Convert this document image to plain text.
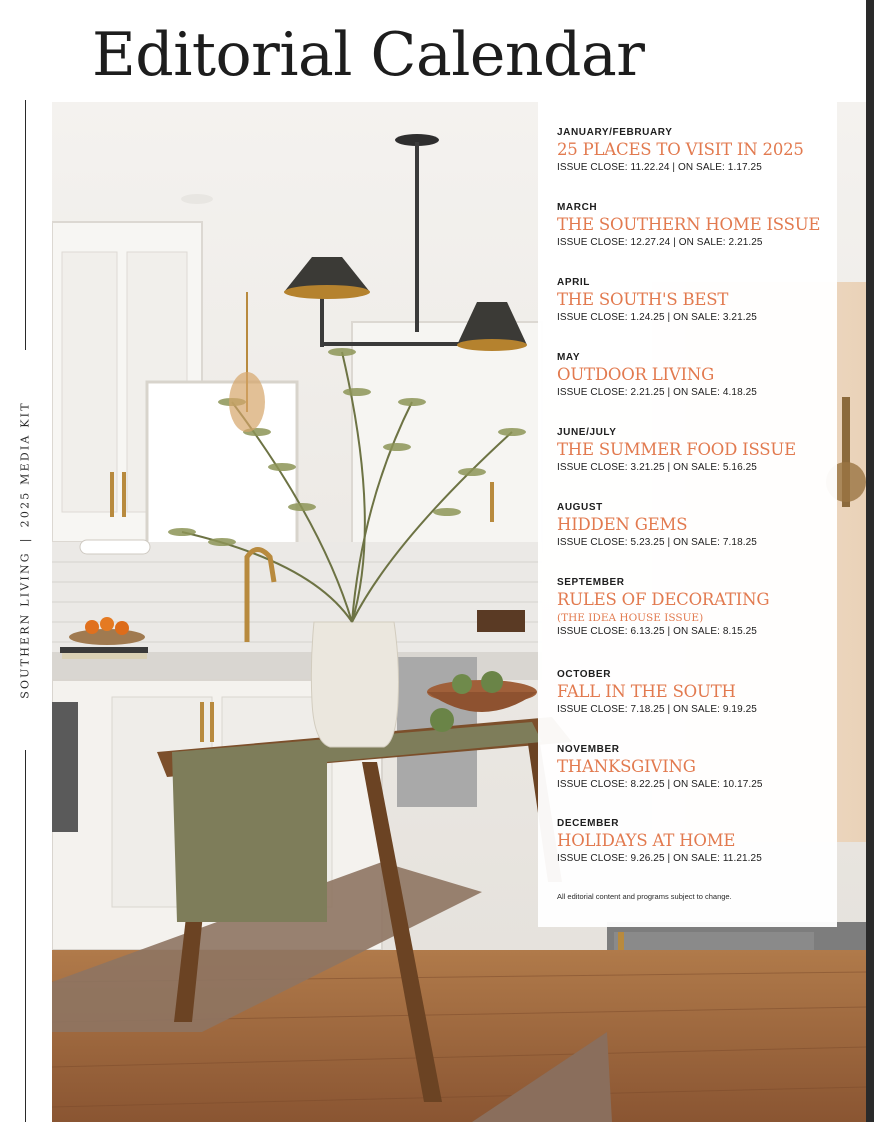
Editorial Calendar
SOUTHERN LIVING|2025 MEDIA KIT
JANUARY/FEBRUARY
25 PLACES TO VISIT IN 2025
ISSUE CLOSE: 11.22.24 | ON SALE: 1.17.25
MARCH
THE SOUTHERN HOME ISSUE
ISSUE CLOSE: 12.27.24 | ON SALE: 2.21.25
APRIL
THE SOUTH'S BEST
ISSUE CLOSE: 1.24.25 | ON SALE: 3.21.25
MAY
OUTDOOR LIVING
ISSUE CLOSE: 2.21.25 | ON SALE: 4.18.25
JUNE/JULY
THE SUMMER FOOD ISSUE
ISSUE CLOSE: 3.21.25 | ON SALE: 5.16.25
AUGUST
HIDDEN GEMS
ISSUE CLOSE: 5.23.25 | ON SALE: 7.18.25
SEPTEMBER
RULES OF DECORATING
(THE IDEA HOUSE ISSUE)
ISSUE CLOSE: 6.13.25 | ON SALE: 8.15.25
OCTOBER
FALL IN THE SOUTH
ISSUE CLOSE: 7.18.25 | ON SALE: 9.19.25
NOVEMBER
THANKSGIVING
ISSUE CLOSE: 8.22.25 | ON SALE: 10.17.25
DECEMBER
HOLIDAYS AT HOME
ISSUE CLOSE: 9.26.25 | ON SALE: 11.21.25
All editorial content and programs subject to change.
